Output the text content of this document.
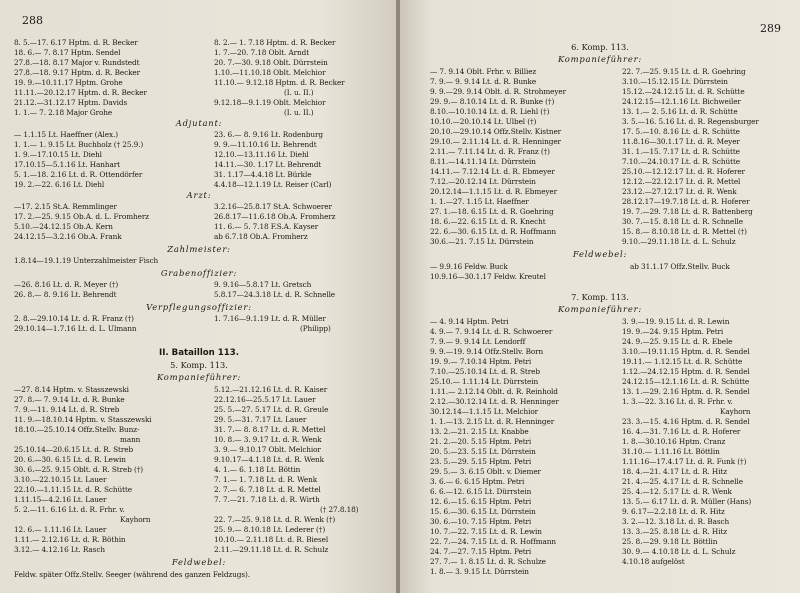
288
8. 5.—17. 6.17 Hptm. d. R. Becker
18. 6.— 7. 8.17 Hptm. Sendel
27.8.—18. 8.17 Major v. Rundstedt
27.8.—18. 9.17 Hptm. d. R. Becker
19. 9.—10.11.17 Hptm. Grohe
11.11.—20.12.17 Hptm. d. R. Becker
21.12.—31.12.17 Hptm. Davids
1. 1.— 7. 2.18 Major Grohe
8. 2.— 1. 7.18 Hptm. d. R. Becker
1. 7.—20. 7.18 Oblt. Arndt
20. 7.—30. 9.18 Oblt. Dürrstein
1.10.—11.10.18 Oblt. Melchior
11.10.— 9.12.18 Hptm. d. R. Becker
(I. u. II.)
9.12.18—9.1.19 Oblt. Melchior
(I. u. II.)
Adjutant:
— 1.1.15 Lt. Haeffner (Alex.)
1. 1.— 1. 9.15 Lt. Buchholz († 25.9.)
1. 9.—17.10.15 Lt. Diehl
17.10.15—5.1.16 Lt. Hanhart
5. 1.—18. 2.16 Lt. d. R. Ottendörfer
19. 2.—22. 6.16 Lt. Diehl
23. 6.— 8. 9.16 Lt. Rodenburg
9. 9.—11.10.16 Lt. Behrendt
12.10.—13.11.16 Lt. Diehl
14.11.—30. 1.17 Lt. Behrendt
31. 1.17—4.4.18 Lt. Bürkle
4.4.18—12.1.19 Lt. Reiser (Carl)
Arzt:
—17. 2.15 St.A. Remmlinger
17. 2.—25. 9.15 Ob.A. d. L. Fromherz
5.10.—24.12.15 Ob.A. Kern
24.12.15—3.2.16 Ob.A. Frank
3.2.16—25.8.17 St.A. Schwoerer
26.8.17—11.6.18 Ob.A. Fromherz
11. 6.— 5. 7.18 F.S.A. Kayser
ab 6.7.18 Ob.A. Fromherz
Zahlmeister:
1.8.14—19.1.19 Unterzahlmeister Fisch
Grabenoffizier:
—26. 8.16 Lt. d. R. Meyer (†)
26. 8.— 8. 9.16 Lt. Behrendt
9. 9.16—5.8.17 Lt. Gretsch
5.8.17—24.3.18 Lt. d. R. Schnelle
Verpflegungsoffizier:
2. 8.—29.10.14 Lt. d. R. Franz (†)
29.10.14—1.7.16 Lt. d. L. Ulmann
1. 7.16—9.1.19 Lt. d. R. Müller
(Philipp)
II. Bataillon 113.
5. Komp. 113.
Kompanieführer:
—27. 8.14 Hptm. v. Stasszewski
27. 8.— 7. 9.14 Lt. d. R. Bunke
7. 9.—11. 9.14 Lt. d. R. Streb
11. 9.—18.10.14 Hptm. v. Stasszewski
18.10.—25.10.14 Offz.Stellv. Bunz-
mann
25.10.14—20.6.15 Lt. d. R. Streb
20. 6.—30. 6.15 Lt. d. R. Lewin
30. 6.—25. 9.15 Oblt. d. R. Streb (†)
3.10.—22.10.15 Lt. Lauer
22.10.—1.11.15 Lt. d. R. Schütte
1.11.15—4.2.16 Lt. Lauer
5. 2.—11. 6.16 Lt. d. R. Frhr. v.
Kayhorn
12. 6.— 1.11.16 Lt. Lauer
1.11.— 2.12.16 Lt. d. R. Böthin
3.12.— 4.12.16 Lt. Rasch
5.12.—21.12.16 Lt. d. R. Kaiser
22.12.16—25.5.17 Lt. Lauer
25. 5.—27. 5.17 Lt. d. R. Greule
29. 5.—31. 7.17 Lt. Lauer
31. 7.— 8. 8.17 Lt. d. R. Mettel
10. 8.— 3. 9.17 Lt. d. R. Wenk
3. 9.— 9.10.17 Oblt. Melchior
9.10.17—4.1.18 Lt. d. R. Wenk
4. 1.— 6. 1.18 Lt. Böttin
7. 1.— 1. 7.18 Lt. d. R. Wenk
2. 7.— 6. 7.18 Lt. d. R. Mettel
7. 7.—21. 7.18 Lt. d. R. Wirth
(† 27.8.18)
22. 7.—25. 9.18 Lt. d. R. Wenk (†)
25. 9.— 8.10.18 Lt. Lederer (†)
10.10.— 2.11.18 Lt. d. R. Biesel
2.11.—29.11.18 Lt. d. R. Schulz
Feldwebel:
Feldw. später Offz.Stellv. Seeger (während des ganzen Feldzugs).
289
6. Komp. 113.
Kompanieführer:
— 7. 9.14 Oblt. Frhr. v. Billiez
7. 9.— 9. 9.14 Lt. d. R. Bunke
9. 9.—29. 9.14 Oblt. d. R. Strohmeyer
29. 9.— 8.10.14 Lt. d. R. Bunke (†)
8.10.—10.10.14 Lt. d. R. Liehl (†)
10.10.—20.10.14 Lt. Ulbel (†)
20.10.—29.10.14 Offz.Stellv. Kistner
29.10.— 2.11.14 Lt. d. R. Henninger
2.11.— 7.11.14 Lt. d. R. Franz (†)
8.11.—14.11.14 Lt. Dürrstein
14.11.— 7.12.14 Lt. d. R. Ebmeyer
7.12.—20.12.14 Lt. Dürrstein
20.12.14—1.1.15 Lt. d. R. Ebmeyer
1. 1.—27. 1.15 Lt. Haeffner
27. 1.—18. 6.15 Lt. d. R. Goehring
18. 6.—22. 6.15 Lt. d. R. Knecht
22. 6.—30. 6.15 Lt. d. R. Hoffmann
30.6.—21. 7.15 Lt. Dürrstein
22. 7.—25. 9.15 Lt. d. R. Goehring
3.10.—15.12.15 Lt. Dürrstein
15.12.—24.12.15 Lt. d. R. Schütte
24.12.15—12.1.16 Lt. Bichweiler
13. 1.— 2. 5.16 Lt. d. R. Schütte
3. 5.—16. 5.16 Lt. d. R. Regensburger
17. 5.—10. 8.16 Lt. d. R. Schütte
11.8.16—30.1.17 Lt. d. R. Meyer
31. 1.—15. 7.17 Lt. d. R. Schütte
7.10.—24.10.17 Lt. d. R. Schütte
25.10.—12.12.17 Lt. d. R. Hoferer
12.12.—22.12.17 Lt. d. R. Mettel
23.12.—27.12.17 Lt. d. R. Wenk
28.12.17—19.7.18 Lt. d. R. Hoferer
19. 7.—29. 7.18 Lt. d. R. Battenberg
30. 7.—15. 8.18 Lt. d. R. Schnelle
15. 8.— 8.10.18 Lt. d. R. Mettel (†)
9.10.—29.11.18 Lt. d. L. Schulz
Feldwebel:
— 9.9.16 Feldw. Buck
10.9.16—30.1.17 Feldw. Kreutel
ab 31.1.17 Offz.Stellv. Buck
7. Komp. 113.
Kompanieführer:
— 4. 9.14 Hptm. Petri
4. 9.— 7. 9.14 Lt. d. R. Schwoerer
7. 9.— 9. 9.14 Lt. Lendorff
9. 9.—19. 9.14 Offz.Stellv. Born
19. 9.— 7.10.14 Hptm. Petri
7.10.—25.10.14 Lt. d. R. Streb
25.10.— 1.11.14 Lt. Dürrstein
1.11.— 2.12.14 Oblt. d. R. Reinhold
2.12.—30.12.14 Lt. d. R. Henninger
30.12.14—1.1.15 Lt. Melchior
1. 1.—13. 2.15 Lt. d. R. Henninger
13. 2.—21. 2.15 Lt. Knabbe
21. 2.—20. 5.15 Hptm. Petri
20. 5.—23. 5.15 Lt. Dürrstein
23. 5.—29. 5.15 Hptm. Petri
29. 5.— 3. 6.15 Oblt. v. Diemer
3. 6.— 6. 6.15 Hptm. Petri
6. 6.—12. 6.15 Lt. Dürrstein
12. 6.—15. 6.15 Hptm. Petri
15. 6.—30. 6.15 Lt. Dürrstein
30. 6.—10. 7.15 Hptm. Petri
10. 7.—22. 7.15 Lt. d. R. Lewin
22. 7.—24. 7.15 Lt. d. R. Hoffmann
24. 7.—27. 7.15 Hptm. Petri
27. 7.— 1. 8.15 Lt. d. R. Schulze
1. 8.— 3. 9.15 Lt. Dürrstein
3. 9.—19. 9.15 Lt. d. R. Lewin
19. 9.—24. 9.15 Hptm. Petri
24. 9.—25. 9.15 Lt. d. R. Ebele
3.10.—19.11.15 Hptm. d. R. Sendel
19.11.— 1.12.15 Lt. d. R. Schütte
1.12.—24.12.15 Hptm. d. R. Sendel
24.12.15—12.1.16 Lt. d. R. Schütte
13. 1.—29. 2.16 Hptm. d. R. Sendel
1. 3.—22. 3.16 Lt. d. R. Frhr. v.
Kayhorn
23. 3.—15. 4.16 Hptm. d. R. Sendel
16. 4.—31. 7.16 Lt. d. R. Hoferer
1. 8.—30.10.16 Hptm. Cranz
31.10.— 1.11.16 Lt. Böttlin
1.11.16—17.4.17 Lt. d. R. Funk (†)
18. 4.—21. 4.17 Lt. d. R. Hitz
21. 4.—25. 4.17 Lt. d. R. Schnelle
25. 4.—12. 5.17 Lt. d. R. Wenk
13. 5.— 6.17 Lt. d. R. Müller (Hans)
9. 6.17—2.2.18 Lt. d. R. Hitz
3. 2.—12. 3.18 Lt. d. R. Basch
13. 3.—25. 8.18 Lt. d. R. Hitz
25. 8.—29. 9.18 Lt. Böttlin
30. 9.— 4.10.18 Lt. d. L. Schulz
4.10.18 aufgelöst
